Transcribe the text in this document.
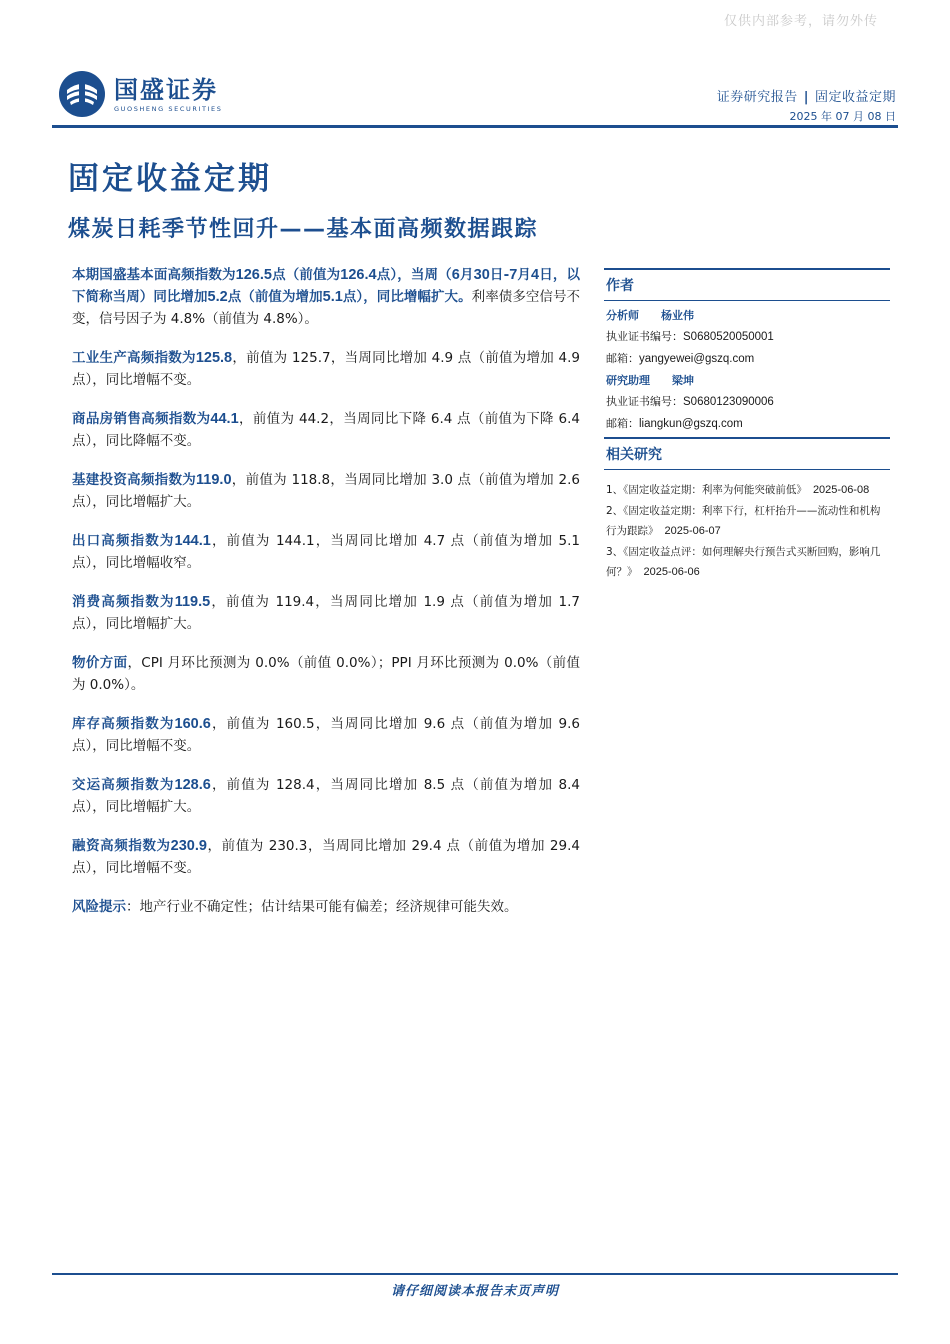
仅供内部参考，请勿外传
国盛证券
GUOSHENG SECURITIES
证券研究报告 | 固定收益定期
2025 年 07 月 08 日
固定收益定期
煤炭日耗季节性回升——基本面高频数据跟踪

本期国盛基本面高频指数为126.5点（前值为126.4点），当周（6月30日-7月4日，以下简称当周）同比增加5.2点（前值为增加5.1点），同比增幅扩大。利率债多空信号不变，信号因子为 4.8%（前值为 4.8%）。

工业生产高频指数为125.8，前值为 125.7，当周同比增加 4.9 点（前值为增加 4.9 点），同比增幅不变。

商品房销售高频指数为44.1，前值为 44.2，当周同比下降 6.4 点（前值为下降 6.4 点），同比降幅不变。

基建投资高频指数为119.0，前值为 118.8，当周同比增加 3.0 点（前值为增加 2.6 点），同比增幅扩大。

出口高频指数为144.1，前值为 144.1，当周同比增加 4.7 点（前值为增加 5.1 点），同比增幅收窄。

消费高频指数为119.5，前值为 119.4，当周同比增加 1.9 点（前值为增加 1.7 点），同比增幅扩大。

物价方面，CPI 月环比预测为 0.0%（前值 0.0%）；PPI 月环比预测为 0.0%（前值为 0.0%）。

库存高频指数为160.6，前值为 160.5，当周同比增加 9.6 点（前值为增加 9.6 点），同比增幅不变。

交运高频指数为128.6，前值为 128.4，当周同比增加 8.5 点（前值为增加 8.4 点），同比增幅扩大。

融资高频指数为230.9，前值为 230.3，当周同比增加 29.4 点（前值为增加 29.4 点），同比增幅不变。

风险提示：地产行业不确定性；估计结果可能有偏差；经济规律可能失效。

作者
分析师 杨业伟
执业证书编号：S0680520050001
邮箱：yangyewei@gszq.com
研究助理 梁坤
执业证书编号：S0680123090006
邮箱：liangkun@gszq.com
相关研究
1、《固定收益定期：利率为何能突破前低》 2025-06-08
2、《固定收益定期：利率下行，杠杆抬升——流动性和机构行为跟踪》 2025-06-07
3、《固定收益点评：如何理解央行预告式买断回购，影响几何？》 2025-06-06
请仔细阅读本报告末页声明
